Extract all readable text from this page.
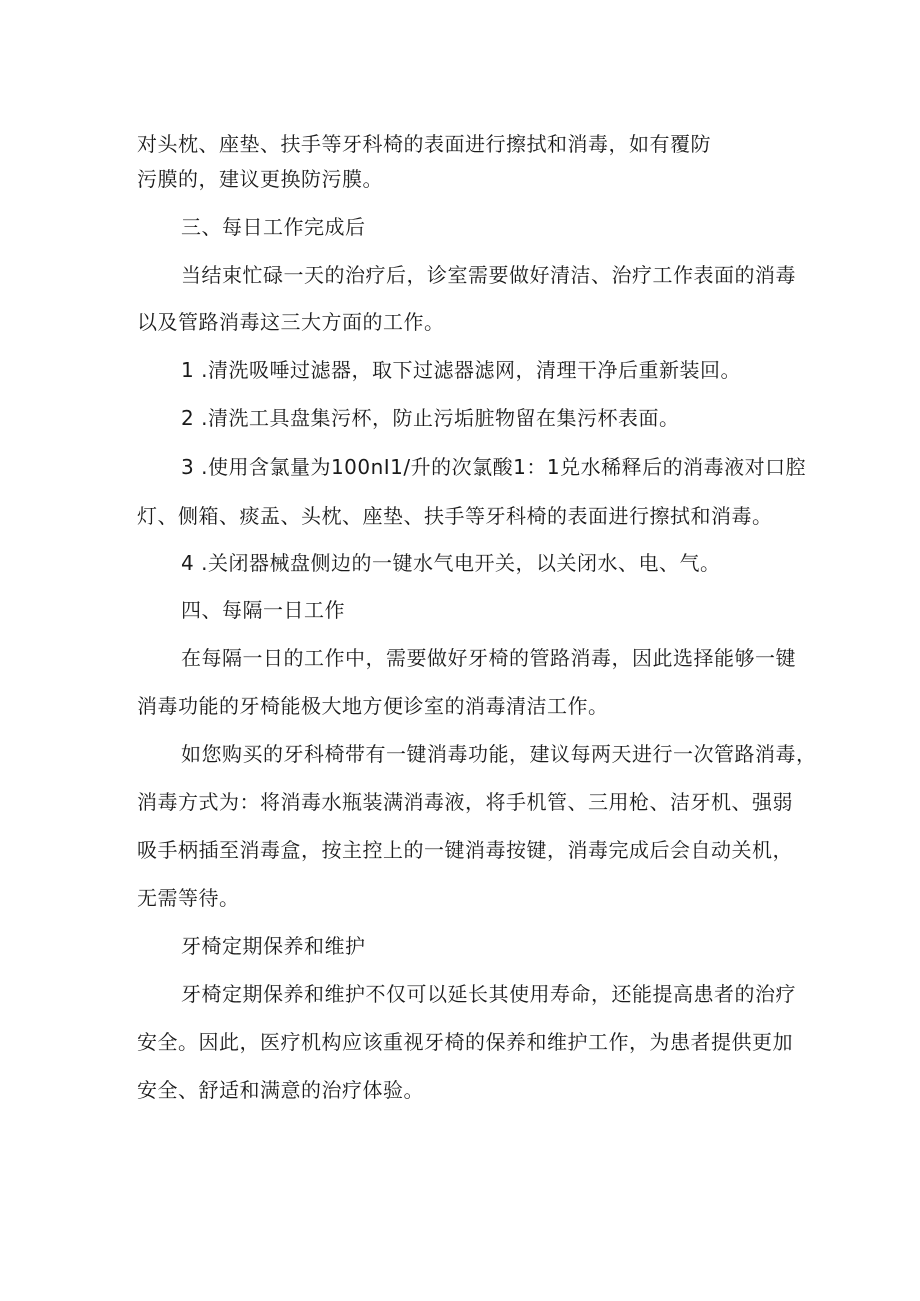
对头枕、座垫、扶手等牙科椅的表面进行擦拭和消毒，如有覆防
污膜的，建议更换防污膜。
三、每日工作完成后
当结束忙碌一天的治疗后，诊室需要做好清洁、治疗工作表面的消毒
以及管路消毒这三大方面的工作。
1 .清洗吸唾过滤器，取下过滤器滤网，清理干净后重新装回。
2 .清洗工具盘集污杯，防止污垢脏物留在集污杯表面。
3 .使用含氯量为100nI1/升的次氯酸1：1兑水稀释后的消毒液对口腔
灯、侧箱、痰盂、头枕、座垫、扶手等牙科椅的表面进行擦拭和消毒。
4 .关闭器械盘侧边的一键水气电开关，以关闭水、电、气。
四、每隔一日工作
在每隔一日的工作中，需要做好牙椅的管路消毒，因此选择能够一键
消毒功能的牙椅能极大地方便诊室的消毒清洁工作。
如您购买的牙科椅带有一键消毒功能，建议每两天进行一次管路消毒，
消毒方式为：将消毒水瓶装满消毒液，将手机管、三用枪、洁牙机、强弱
吸手柄插至消毒盒，按主控上的一键消毒按键，消毒完成后会自动关机，
无需等待。
牙椅定期保养和维护
牙椅定期保养和维护不仅可以延长其使用寿命，还能提高患者的治疗
安全。因此，医疗机构应该重视牙椅的保养和维护工作，为患者提供更加
安全、舒适和满意的治疗体验。
